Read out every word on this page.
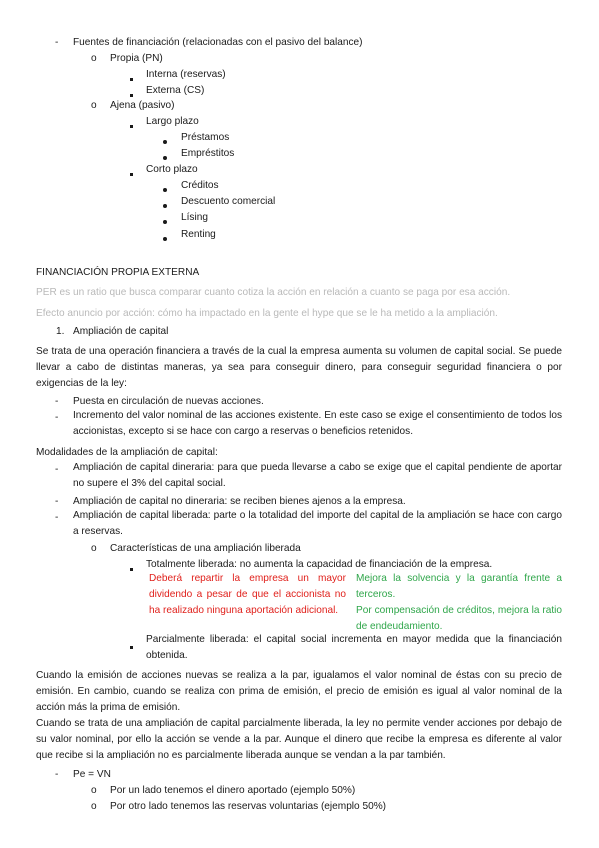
- Fuentes de financiación (relacionadas con el pasivo del balance)
o Propia (PN)
Interna (reservas)
Externa (CS)
o Ajena (pasivo)
Largo plazo
Préstamos
Empréstitos
Corto plazo
Créditos
Descuento comercial
Lísing
Renting
FINANCIACIÓN PROPIA EXTERNA
PER es un ratio que busca comparar cuanto cotiza la acción en relación a cuanto se paga por esa acción.
Efecto anuncio por acción: cómo ha impactado en la gente el hype que se le ha metido a la ampliación.
1. Ampliación de capital
Se trata de una operación financiera a través de la cual la empresa aumenta su volumen de capital social. Se puede llevar a cabo de distintas maneras, ya sea para conseguir dinero, para conseguir seguridad financiera o por exigencias de la ley:
- Puesta en circulación de nuevas acciones.
- Incremento del valor nominal de las acciones existente. En este caso se exige el consentimiento de todos los accionistas, excepto si se hace con cargo a reservas o beneficios retenidos.
Modalidades de la ampliación de capital:
- Ampliación de capital dineraria: para que pueda llevarse a cabo se exige que el capital pendiente de aportar no supere el 3% del capital social.
- Ampliación de capital no dineraria: se reciben bienes ajenos a la empresa.
- Ampliación de capital liberada: parte o la totalidad del importe del capital de la ampliación se hace con cargo a reservas.
o Características de una ampliación liberada
Totalmente liberada: no aumenta la capacidad de financiación de la empresa.
Deberá repartir la empresa un mayor dividendo a pesar de que el accionista no ha realizado ninguna aportación adicional.
Mejora la solvencia y la garantía frente a terceros.
Por compensación de créditos, mejora la ratio de endeudamiento.
Parcialmente liberada: el capital social incrementa en mayor medida que la financiación obtenida.
Cuando la emisión de acciones nuevas se realiza a la par, igualamos el valor nominal de éstas con su precio de emisión. En cambio, cuando se realiza con prima de emisión, el precio de emisión es igual al valor nominal de la acción más la prima de emisión.
Cuando se trata de una ampliación de capital parcialmente liberada, la ley no permite vender acciones por debajo de su valor nominal, por ello la acción se vende a la par. Aunque el dinero que recibe la empresa es diferente al valor que recibe si la ampliación no es parcialmente liberada aunque se vendan a la par también.
- Pe = VN
o Por un lado tenemos el dinero aportado (ejemplo 50%)
o Por otro lado tenemos las reservas voluntarias (ejemplo 50%)
